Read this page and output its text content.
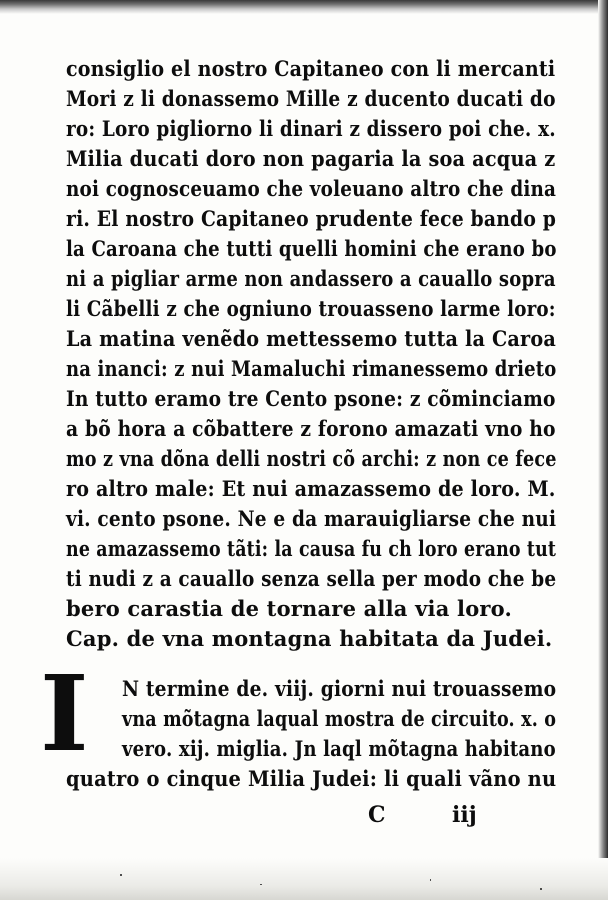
consiglio el nostro Capitaneo con li mercanti
Mori z li donassemo Mille z ducento ducati do
ro: Loro pigliorno li dinari z dissero poi che. x.
Milia ducati doro non pagaria la soa acqua z
noi cognosceuamo che voleuano altro che dina
ri. El nostro Capitaneo prudente fece bando p
la Caroana che tutti quelli homini che erano bo
ni a pigliar arme non andassero a cauallo sopra
li Cãbelli z che ogniuno trouasseno larme loro:
La matina venẽdo mettessemo tutta la Caroa
na inanci: z nui Mamaluchi rimanessemo drieto
In tutto eramo tre Cento psone: z cõminciamo
a bõ hora a cõbattere z forono amazati vno ho
mo z vna dõna delli nostri cõ archi: z non ce fece
ro altro male: Et nui amazassemo de loro. M.
vi. cento psone. Ne e da marauigliarse che nui
ne amazassemo tãti: la causa fu ch loro erano tut
ti nudi z a cauallo senza sella per modo che be
bero carastia de tornare alla via loro.
Cap. de vna montagna habitata da Judei.
N termine de. viij. giorni nui trouassemo
vna mõtagna laqual mostra de circuito. x. o
vero. xij. miglia. Jn laql mõtagna habitano
quatro o cinque Milia Judei: li quali vãno nu
I
C	iij
